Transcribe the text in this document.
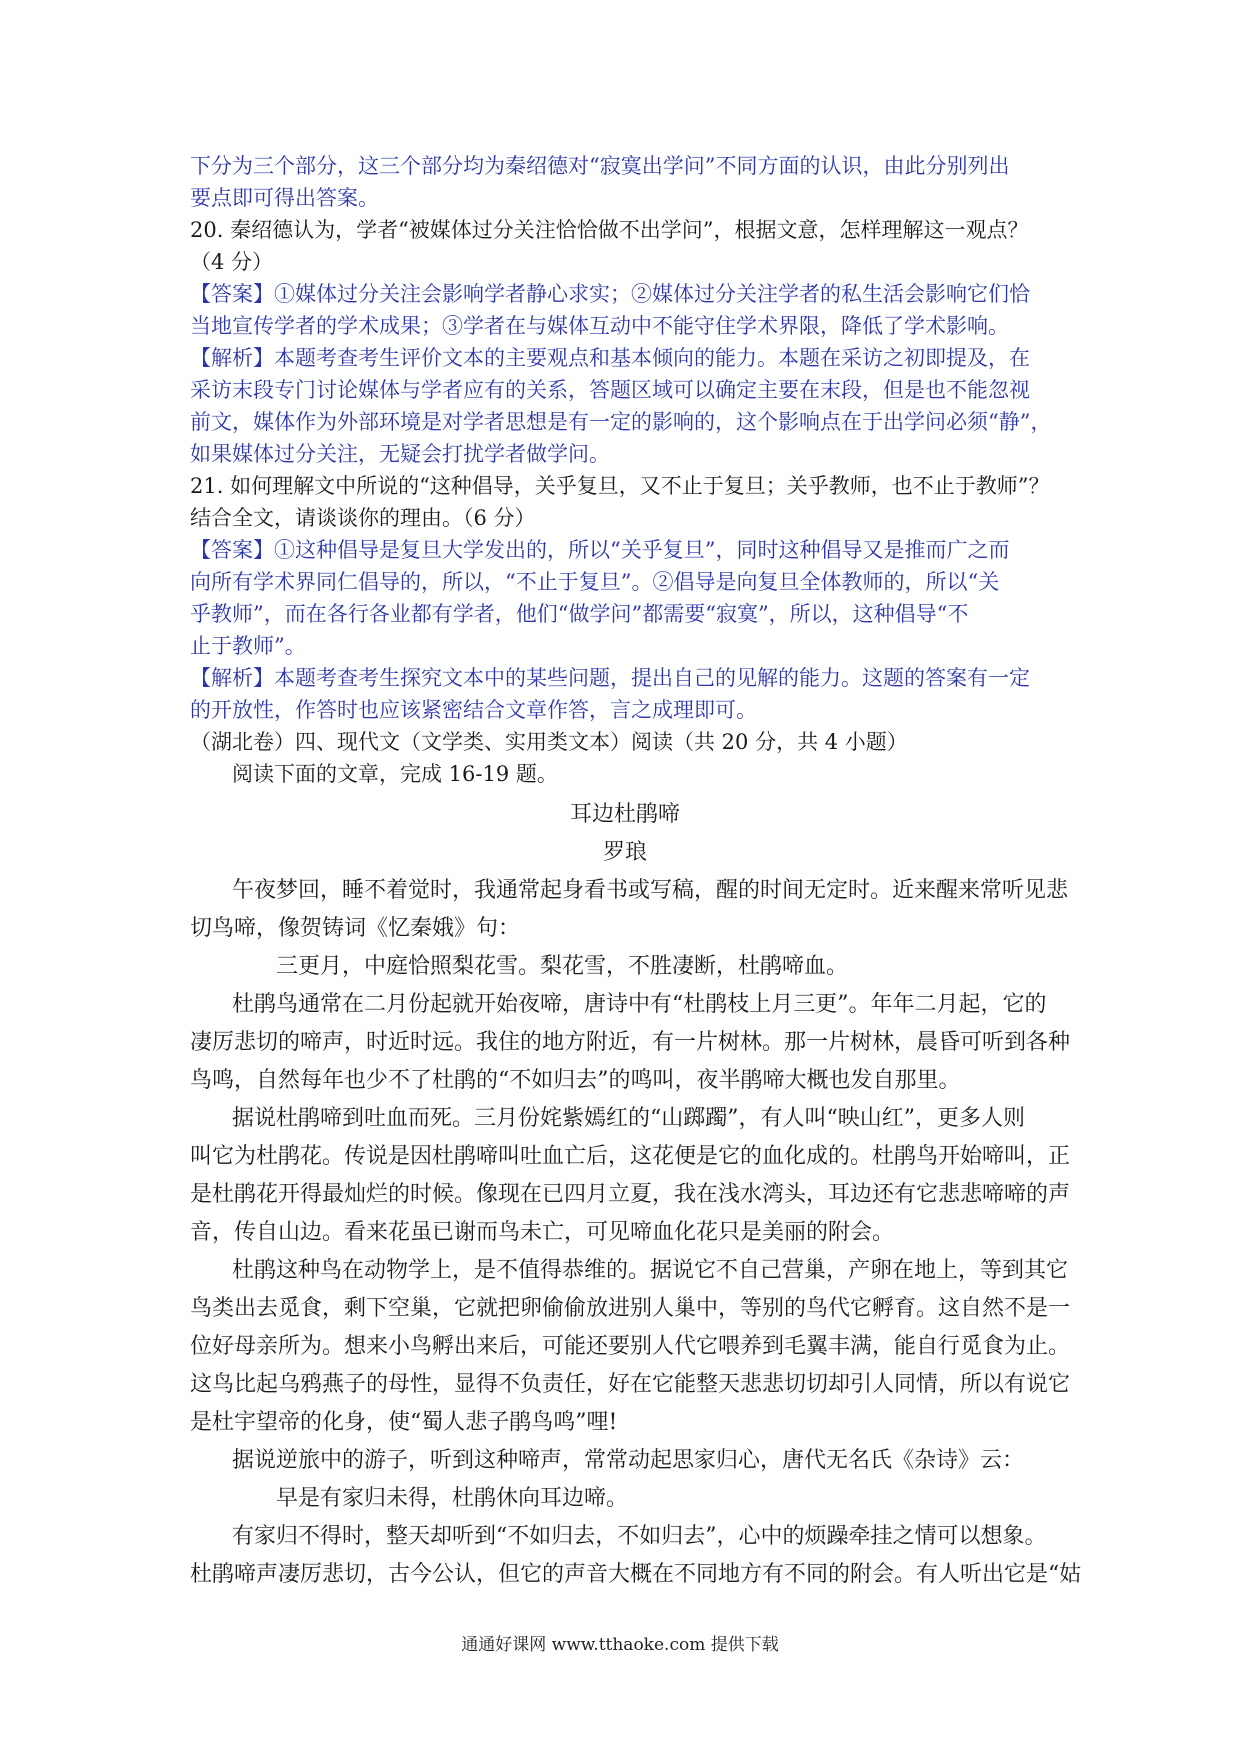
下分为三个部分，这三个部分均为秦绍德对“寂寞出学问”不同方面的认识，由此分别列出
要点即可得出答案。
20. 秦绍德认为，学者“被媒体过分关注恰恰做不出学问”，根据文意，怎样理解这一观点？
（4 分）
【答案】①媒体过分关注会影响学者静心求实；②媒体过分关注学者的私生活会影响它们恰
当地宣传学者的学术成果；③学者在与媒体互动中不能守住学术界限，降低了学术影响。
【解析】本题考查考生评价文本的主要观点和基本倾向的能力。本题在采访之初即提及，在
采访末段专门讨论媒体与学者应有的关系，答题区域可以确定主要在末段，但是也不能忽视
前文，媒体作为外部环境是对学者思想是有一定的影响的，这个影响点在于出学问必须“静”，
如果媒体过分关注，无疑会打扰学者做学问。
21. 如何理解文中所说的“这种倡导，关乎复旦，又不止于复旦；关乎教师，也不止于教师”？
结合全文，请谈谈你的理由。（6 分）
【答案】①这种倡导是复旦大学发出的，所以“关乎复旦”，同时这种倡导又是推而广之而
向所有学术界同仁倡导的，所以，“不止于复旦”。②倡导是向复旦全体教师的，所以“关
乎教师”，而在各行各业都有学者，他们“做学问”都需要“寂寞”，所以，这种倡导“不
止于教师”。
【解析】本题考查考生探究文本中的某些问题，提出自己的见解的能力。这题的答案有一定
的开放性，作答时也应该紧密结合文章作答，言之成理即可。
（湖北卷）四、现代文（文学类、实用类文本）阅读（共 20 分，共 4 小题）
阅读下面的文章，完成 16-19 题。
耳边杜鹃啼
罗琅
午夜梦回，睡不着觉时，我通常起身看书或写稿，醒的时间无定时。近来醒来常听见悲
切鸟啼，像贺铸词《忆秦娥》句：
三更月，中庭恰照梨花雪。梨花雪，不胜凄断，杜鹃啼血。
杜鹃鸟通常在二月份起就开始夜啼，唐诗中有“杜鹃枝上月三更”。年年二月起，它的
凄厉悲切的啼声，时近时远。我住的地方附近，有一片树林。那一片树林，晨昏可听到各种
鸟鸣，自然每年也少不了杜鹃的“不如归去”的鸣叫，夜半鹃啼大概也发自那里。
据说杜鹃啼到吐血而死。三月份姹紫嫣红的“山踯躅”，有人叫“映山红”，更多人则
叫它为杜鹃花。传说是因杜鹃啼叫吐血亡后，这花便是它的血化成的。杜鹃鸟开始啼叫，正
是杜鹃花开得最灿烂的时候。像现在已四月立夏，我在浅水湾头，耳边还有它悲悲啼啼的声
音，传自山边。看来花虽已谢而鸟未亡，可见啼血化花只是美丽的附会。
杜鹃这种鸟在动物学上，是不值得恭维的。据说它不自己营巢，产卵在地上，等到其它
鸟类出去觅食，剩下空巢，它就把卵偷偷放进别人巢中，等别的鸟代它孵育。这自然不是一
位好母亲所为。想来小鸟孵出来后，可能还要别人代它喂养到毛翼丰满，能自行觅食为止。
这鸟比起乌鸦燕子的母性，显得不负责任，好在它能整天悲悲切切却引人同情，所以有说它
是杜宇望帝的化身，使“蜀人悲子鹃鸟鸣”哩!
据说逆旅中的游子，听到这种啼声，常常动起思家归心，唐代无名氏《杂诗》云：
早是有家归未得，杜鹃休向耳边啼。
有家归不得时，整天却听到“不如归去，不如归去”，心中的烦躁牵挂之情可以想象。
杜鹃啼声凄厉悲切，古今公认，但它的声音大概在不同地方有不同的附会。有人听出它是“姑
通通好课网 www.tthaoke.com 提供下载
